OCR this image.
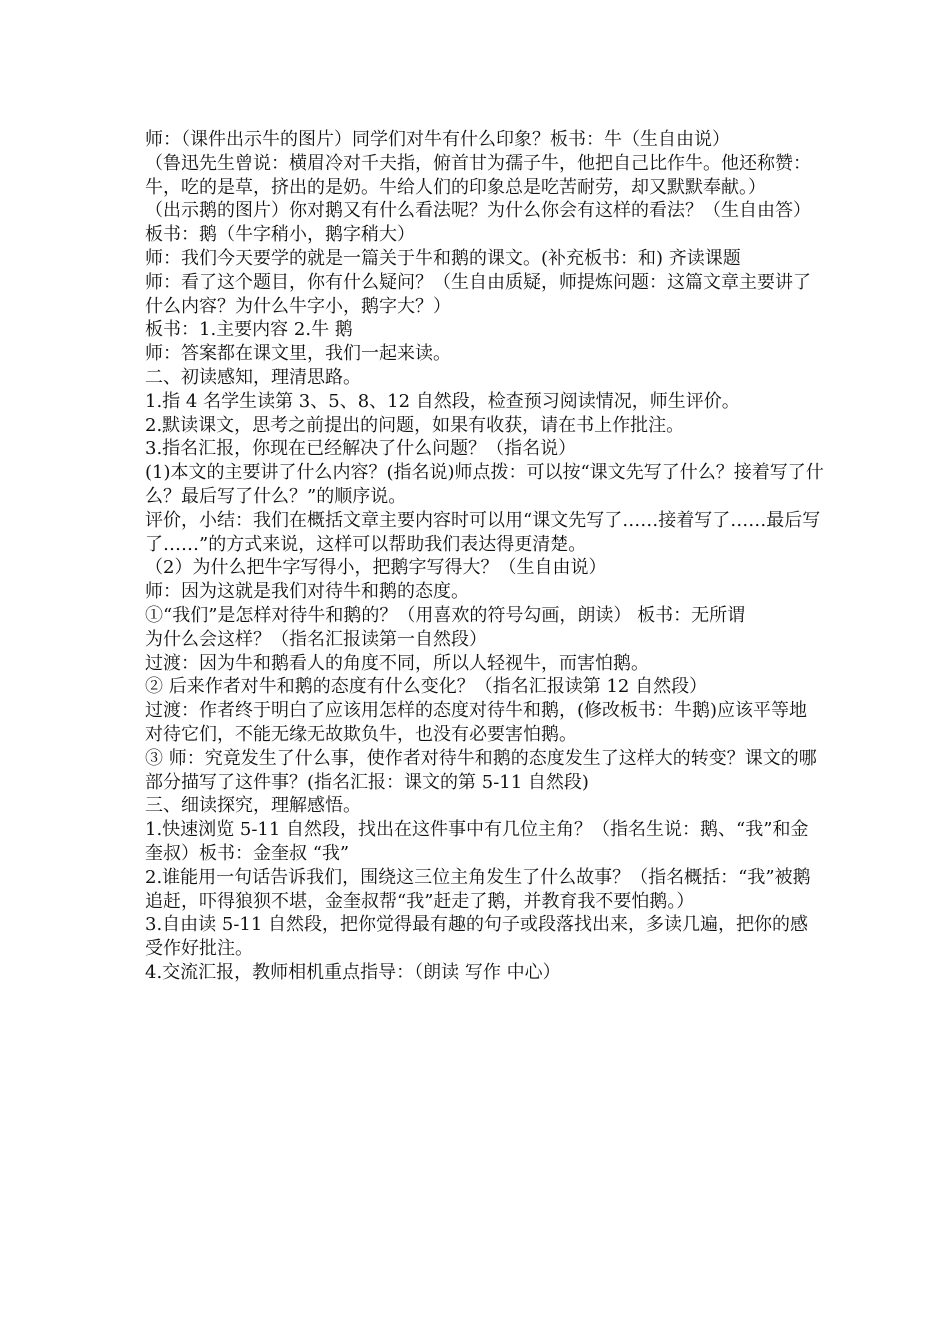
师：（课件出示牛的图片）同学们对牛有什么印象？板书：牛（生自由说）

（鲁迅先生曾说：横眉冷对千夫指，俯首甘为孺子牛，他把自己比作牛。他还称赞：牛，吃的是草，挤出的是奶。牛给人们的印象总是吃苦耐劳，却又默默奉献。）

（出示鹅的图片）你对鹅又有什么看法呢？为什么你会有这样的看法？（生自由答）板书：鹅（牛字稍小，鹅字稍大）

师：我们今天要学的就是一篇关于牛和鹅的课文。(补充板书：和) 齐读课题

师：看了这个题目，你有什么疑问？（生自由质疑，师提炼问题：这篇文章主要讲了什么内容？为什么牛字小，鹅字大？）

板书：1.主要内容 2.牛 鹅

师：答案都在课文里，我们一起来读。

二、初读感知，理清思路。

1.指 4 名学生读第 3、5、8、12 自然段，检查预习阅读情况，师生评价。

2.默读课文，思考之前提出的问题，如果有收获，请在书上作批注。

3.指名汇报，你现在已经解决了什么问题？（指名说）

(1)本文的主要讲了什么内容？(指名说)师点拨：可以按“课文先写了什么？接着写了什么？最后写了什么？”的顺序说。

评价，小结：我们在概括文章主要内容时可以用“课文先写了……接着写了……最后写了……”的方式来说，这样可以帮助我们表达得更清楚。

（2）为什么把牛字写得小，把鹅字写得大？（生自由说）

师：因为这就是我们对待牛和鹅的态度。

①“我们”是怎样对待牛和鹅的？（用喜欢的符号勾画，朗读） 板书：无所谓

为什么会这样？（指名汇报读第一自然段）

过渡：因为牛和鹅看人的角度不同，所以人轻视牛，而害怕鹅。

② 后来作者对牛和鹅的态度有什么变化？（指名汇报读第 12 自然段）

过渡：作者终于明白了应该用怎样的态度对待牛和鹅，(修改板书：牛鹅)应该平等地对待它们，不能无缘无故欺负牛，也没有必要害怕鹅。

③ 师：究竟发生了什么事，使作者对待牛和鹅的态度发生了这样大的转变？课文的哪部分描写了这件事？(指名汇报：课文的第 5-11 自然段)

三、细读探究，理解感悟。

1.快速浏览 5-11 自然段，找出在这件事中有几位主角？（指名生说：鹅、“我”和金奎叔）板书：金奎叔 “我”

2.谁能用一句话告诉我们，围绕这三位主角发生了什么故事？（指名概括：“我”被鹅追赶，吓得狼狈不堪，金奎叔帮“我”赶走了鹅，并教育我不要怕鹅。）

3.自由读 5-11 自然段，把你觉得最有趣的句子或段落找出来，多读几遍，把你的感受作好批注。

4.交流汇报，教师相机重点指导：（朗读 写作 中心）
